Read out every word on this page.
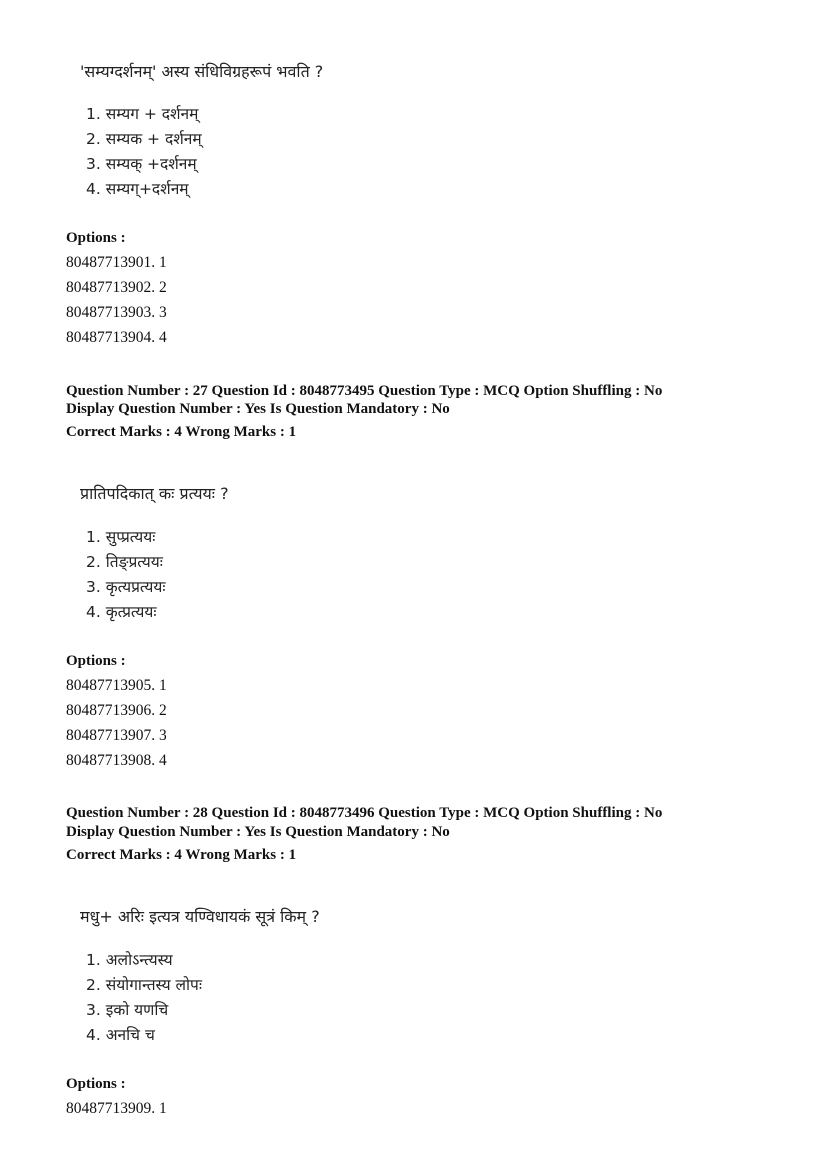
'सम्यग्दर्शनम्' अस्य संधिविग्रहरूपं भवति ?
1. सम्यग + दर्शनम्
2. सम्यक + दर्शनम्
3. सम्यक् +दर्शनम्
4. सम्यग्+दर्शनम्
Options :
80487713901. 1
80487713902. 2
80487713903. 3
80487713904. 4
Question Number : 27 Question Id : 8048773495 Question Type : MCQ Option Shuffling : No
Display Question Number : Yes Is Question Mandatory : No
Correct Marks : 4 Wrong Marks : 1
प्रातिपदिकात् कः प्रत्ययः ?
1. सुप्प्रत्ययः
2. तिङ्प्रत्ययः
3. कृत्यप्रत्ययः
4. कृत्प्रत्ययः
Options :
80487713905. 1
80487713906. 2
80487713907. 3
80487713908. 4
Question Number : 28 Question Id : 8048773496 Question Type : MCQ Option Shuffling : No
Display Question Number : Yes Is Question Mandatory : No
Correct Marks : 4 Wrong Marks : 1
मधु+ अरिः इत्यत्र यण्विधायकं सूत्रं किम् ?
1. अलोऽन्त्यस्य
2. संयोगान्तस्य लोपः
3. इको यणचि
4. अनचि च
Options :
80487713909. 1
